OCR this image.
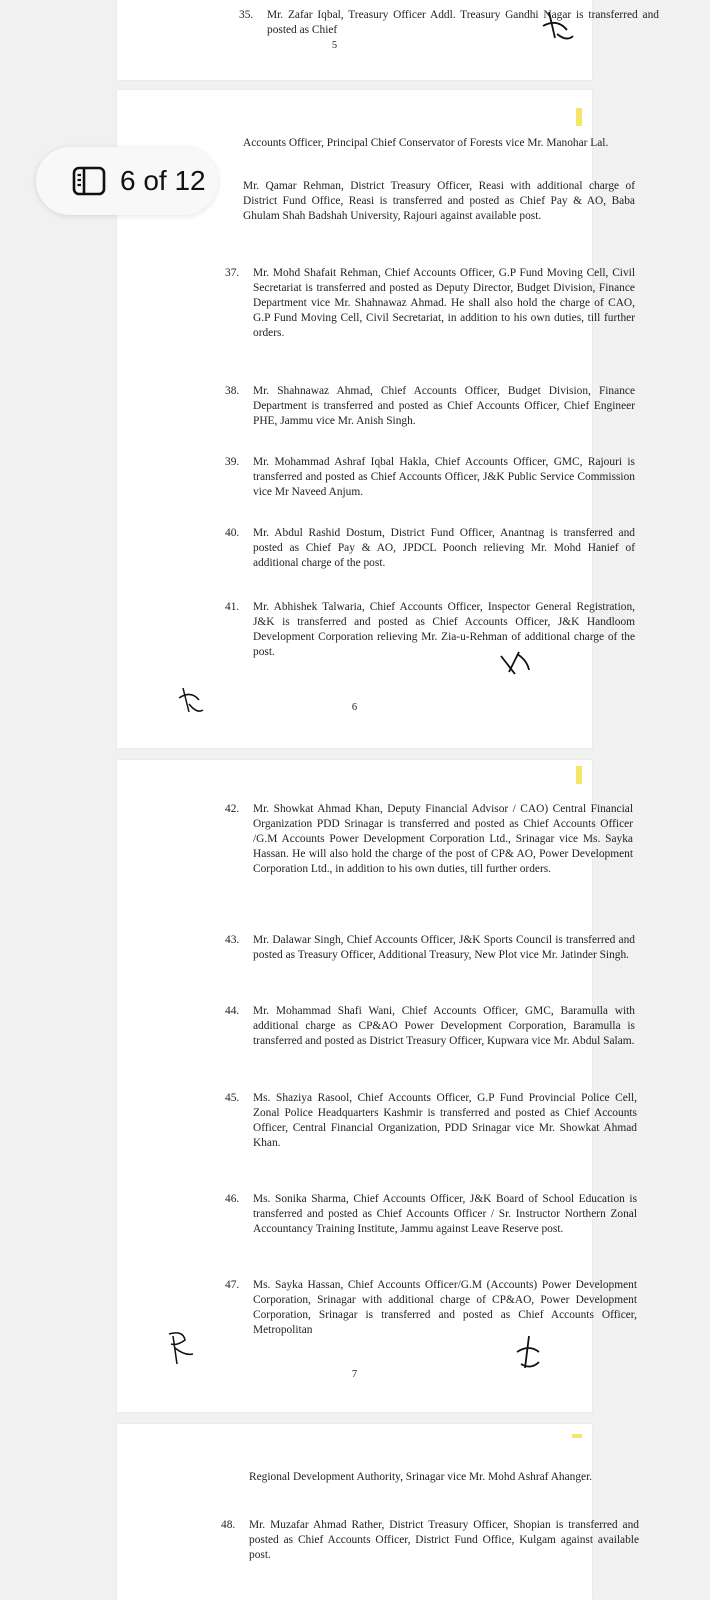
35.	Mr. Zafar Iqbal, Treasury Officer Addl. Treasury Gandhi Nagar is transferred and posted as Chief
5
Accounts Officer, Principal Chief Conservator of Forests vice Mr. Manohar Lal.
Mr. Qamar Rehman, District Treasury Officer, Reasi with additional charge of District Fund Office, Reasi is transferred and posted as Chief Pay & AO, Baba Ghulam Shah Badshah University, Rajouri against available post.
37.	Mr. Mohd Shafait Rehman, Chief Accounts Officer, G.P Fund Moving Cell, Civil Secretariat is transferred and posted as Deputy Director, Budget Division, Finance Department vice Mr. Shahnawaz Ahmad. He shall also hold the charge of CAO, G.P Fund Moving Cell, Civil Secretariat, in addition to his own duties, till further orders.
38.	Mr. Shahnawaz Ahmad, Chief Accounts Officer, Budget Division, Finance Department is transferred and posted as Chief Accounts Officer, Chief Engineer PHE, Jammu vice Mr. Anish Singh.
39.	Mr. Mohammad Ashraf Iqbal Hakla, Chief Accounts Officer, GMC, Rajouri is transferred and posted as Chief Accounts Officer, J&K Public Service Commission vice Mr Naveed Anjum.
40.	Mr. Abdul Rashid Dostum, District Fund Officer, Anantnag is transferred and posted as Chief Pay & AO, JPDCL Poonch relieving Mr. Mohd Hanief of additional charge of the post.
41.	Mr. Abhishek Talwaria, Chief Accounts Officer, Inspector General Registration, J&K is transferred and posted as Chief Accounts Officer, J&K Handloom Development Corporation relieving Mr. Zia-u-Rehman of additional charge of the post.
6
42.	Mr. Showkat Ahmad Khan, Deputy Financial Advisor / CAO) Central Financial Organization PDD Srinagar is transferred and posted as Chief Accounts Officer /G.M Accounts Power Development Corporation Ltd., Srinagar vice Ms. Sayka Hassan. He will also hold the charge of the post of CP& AO, Power Development Corporation Ltd., in addition to his own duties, till further orders.
43.	Mr. Dalawar Singh, Chief Accounts Officer, J&K Sports Council is transferred and posted as Treasury Officer, Additional Treasury, New Plot vice Mr. Jatinder Singh.
44.	Mr. Mohammad Shafi Wani, Chief Accounts Officer, GMC, Baramulla with additional charge as CP&AO Power Development Corporation, Baramulla is transferred and posted as District Treasury Officer, Kupwara vice Mr. Abdul Salam.
45.	Ms. Shaziya Rasool, Chief Accounts Officer, G.P Fund Provincial Police Cell, Zonal Police Headquarters Kashmir is transferred and posted as Chief Accounts Officer, Central Financial Organization, PDD Srinagar vice Mr. Showkat Ahmad Khan.
46.	Ms. Sonika Sharma, Chief Accounts Officer, J&K Board of School Education is transferred and posted as Chief Accounts Officer / Sr. Instructor Northern Zonal Accountancy Training Institute, Jammu against Leave Reserve post.
47.	Ms. Sayka Hassan, Chief Accounts Officer/G.M (Accounts) Power Development Corporation, Srinagar with additional charge of CP&AO, Power Development Corporation, Srinagar is transferred and posted as Chief Accounts Officer, Metropolitan
7
Regional Development Authority, Srinagar vice Mr. Mohd Ashraf Ahanger.
48.	Mr. Muzafar Ahmad Rather, District Treasury Officer, Shopian is transferred and posted as Chief Accounts Officer, District Fund Office, Kulgam against available post.
6 of 12
